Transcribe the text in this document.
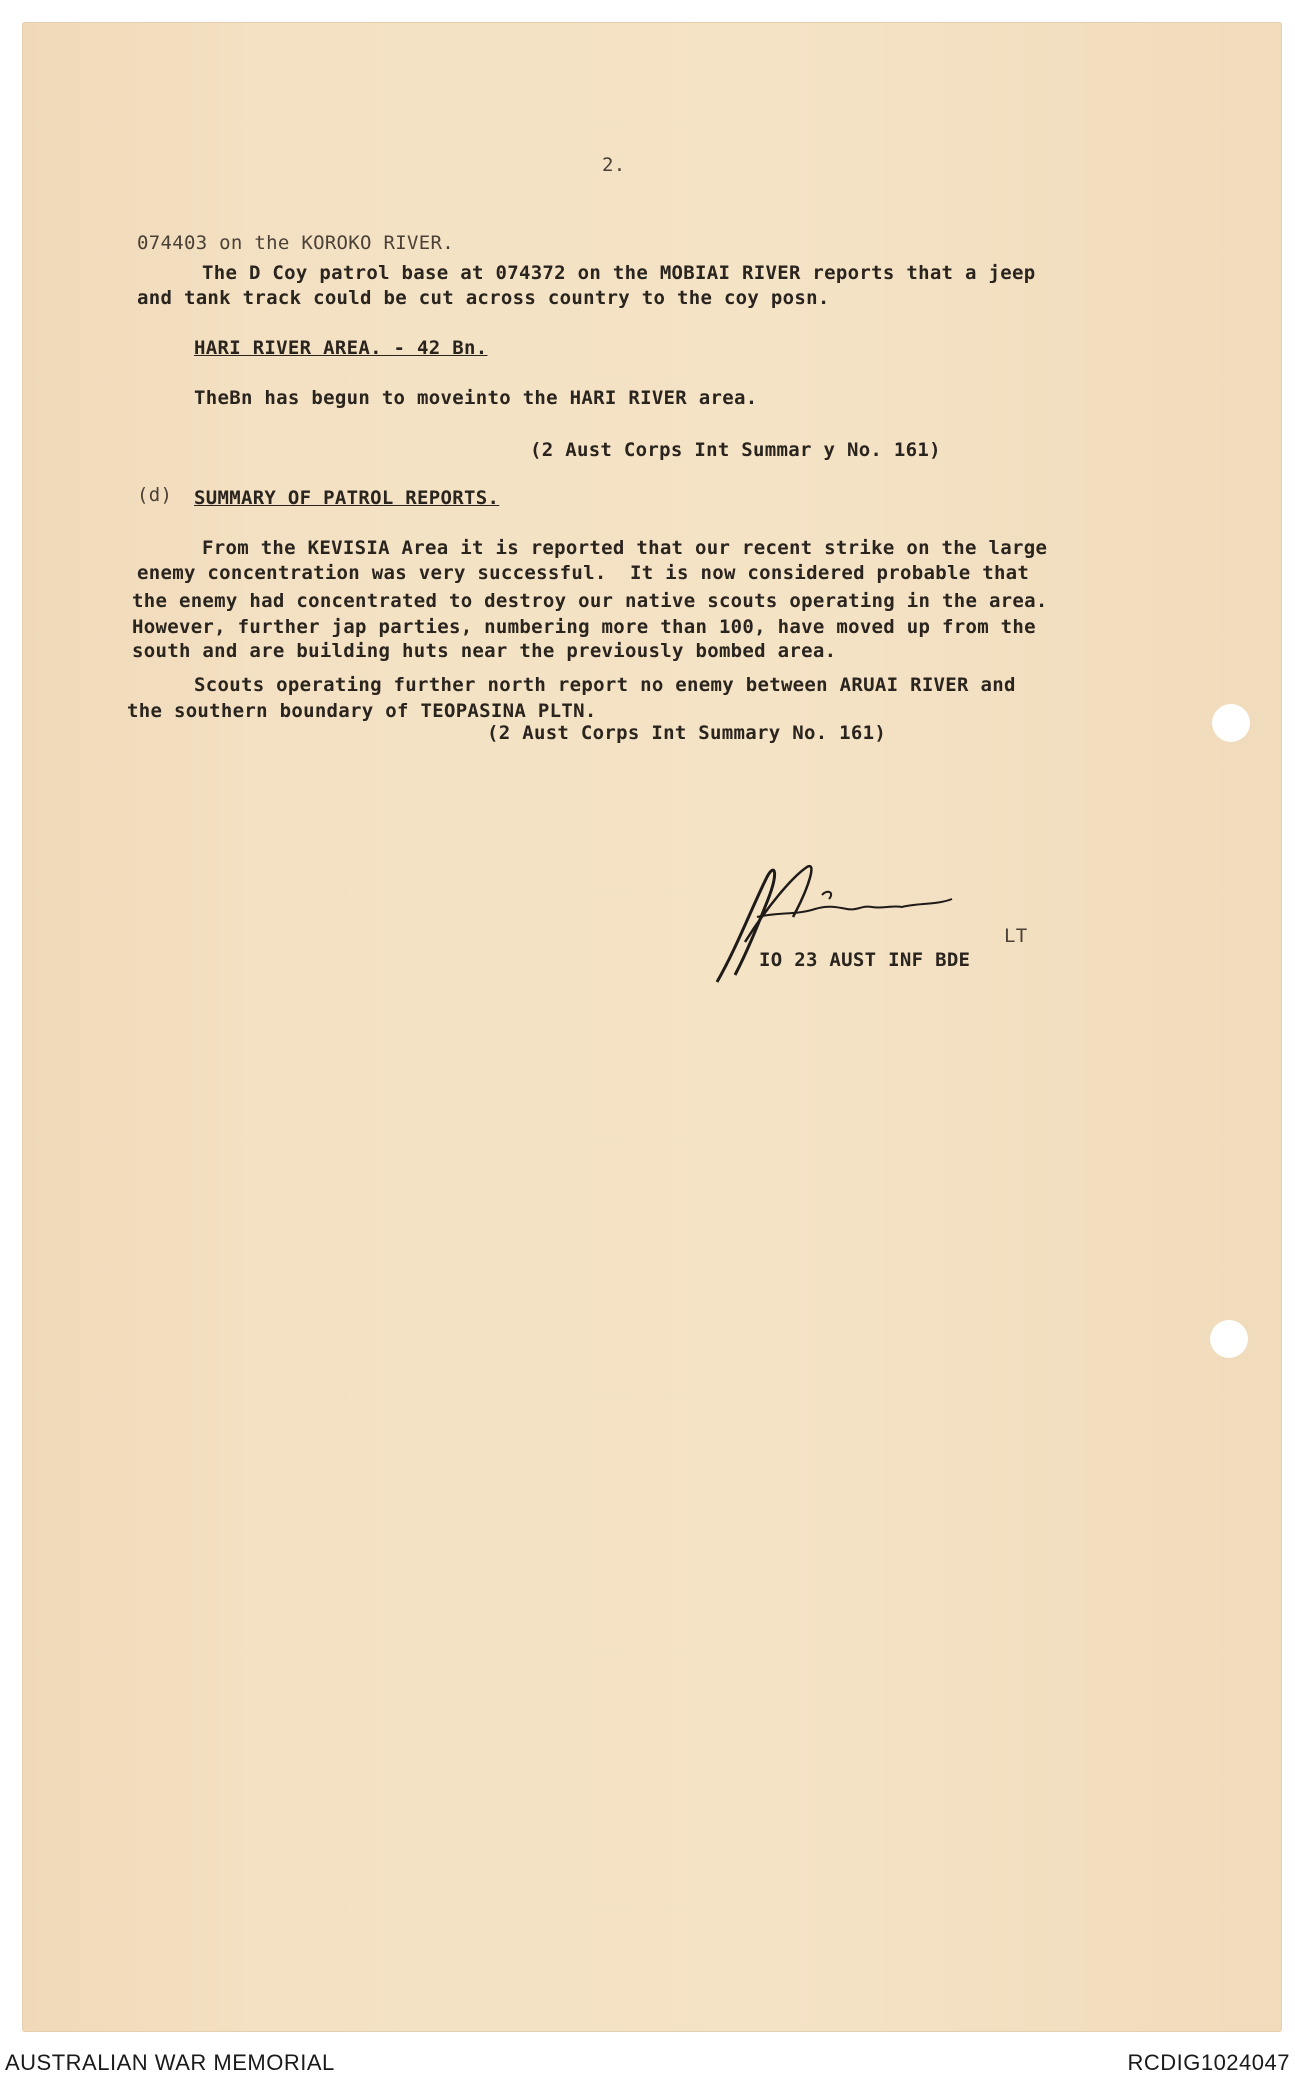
2.
074403 on the KOROKO RIVER.
The D Coy patrol base at 074372 on the MOBIAI RIVER reports that a jeep
and tank track could be cut across country to the coy posn.
HARI RIVER AREA. - 42 Bn.
TheBn has begun to moveinto the HARI RIVER area.
(2 Aust Corps Int Summar y No. 161)
(d) SUMMARY OF PATROL REPORTS.
From the KEVISIA Area it is reported that our recent strike on the large
enemy concentration was very successful.  It is now considered probable that
the enemy had concentrated to destroy our native scouts operating in the area.
However, further jap parties, numbering more than 100, have moved up from the
south and are building huts near the previously bombed area.
Scouts operating further north report no enemy between ARUAI RIVER and
the southern boundary of TEOPASINA PLTN.
(2 Aust Corps Int Summary No. 161)
LT
IO 23 AUST INF BDE
AUSTRALIAN WAR MEMORIAL	RCDIG1024047
